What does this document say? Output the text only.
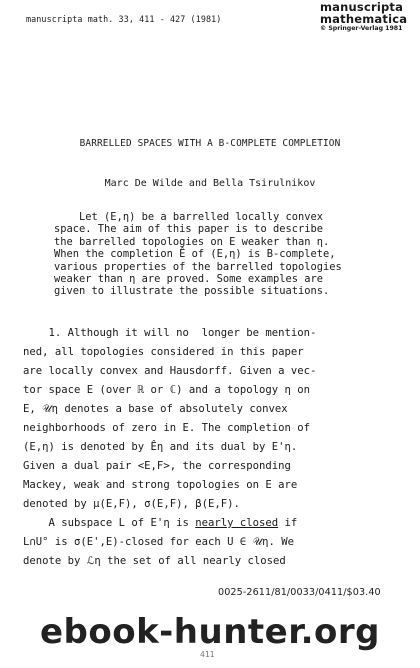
manuscripta math. 33, 411 - 427 (1981)
manuscripta
mathematica
© Springer-Verlag 1981
BARRELLED SPACES WITH A B-COMPLETE COMPLETION
Marc De Wilde and Bella Tsirulnikov
Let (E,η) be a barrelled locally convex
space. The aim of this paper is to describe
the barrelled topologies on E weaker than η.
When the completion Ê of (E,η) is B-complete,
various properties of the barrelled topologies
weaker than η are proved. Some examples are
given to illustrate the possible situations.
1. Although it will no  longer be mention-
ned, all topologies considered in this paper
are locally convex and Hausdorff. Given a vec-
tor space E (over ℝ or ℂ) and a topology η on
E, 𝒰η denotes a base of absolutely convex
neighborhoods of zero in E. The completion of
(E,η) is denoted by Êη and its dual by E'η.
Given a dual pair <E,F>, the corresponding
Mackey, weak and strong topologies on E are
denoted by μ(E,F), σ(E,F), β(E,F).
A subspace L of E'η is nearly closed if
L∩U° is σ(E',E)-closed for each U ∈ 𝒰η. We
denote by ℒη the set of all nearly closed
0025-2611/81/0033/0411/$03.40
411
ebook-hunter.org
